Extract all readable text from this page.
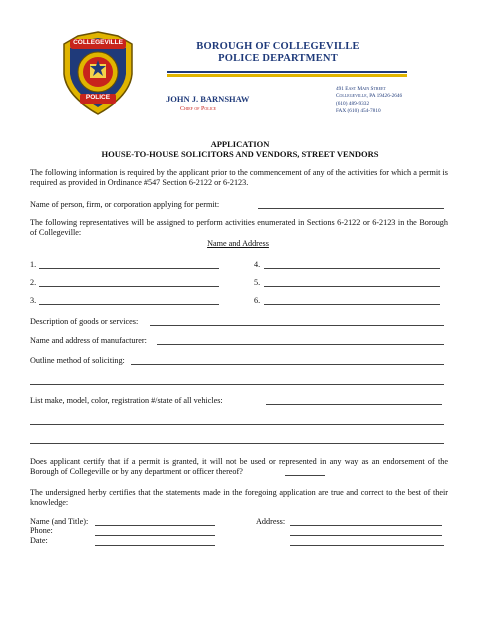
COLLEGEVILLE
POLICE
BOROUGH OF COLLEGEVILLE
POLICE DEPARTMENT
JOHN J. BARNSHAW
Chief of Police
491 East Main Street
Collegeville, PA 19426-2646
(610) 489-9332
FAX (610) 454-7810
APPLICATION
HOUSE-TO-HOUSE SOLICITORS AND VENDORS, STREET VENDORS
The following information is required by the applicant prior to the commencement of any of the activities for which a permit is required as provided in Ordinance #547 Section 6-2122 or 6-2123.
Name of person, firm, or corporation applying for permit:
The following representatives will be assigned to perform activities enumerated in Sections 6-2122 or 6-2123 in the Borough of Collegeville:
Name and Address
1.	4.
2.	5.
3.	6.
Description of goods or services:
Name and address of manufacturer:
Outline method of soliciting:
List make, model, color, registration #/state of all vehicles:
Does applicant certify that if a permit is granted, it will not be used or represented in any way as an endorsement of the Borough of Collegeville or by any department or officer thereof?
The undersigned herby certifies that the statements made in the foregoing application are true and correct to the best of their knowledge:
Name (and Title):
Phone:
Date:
Address:
